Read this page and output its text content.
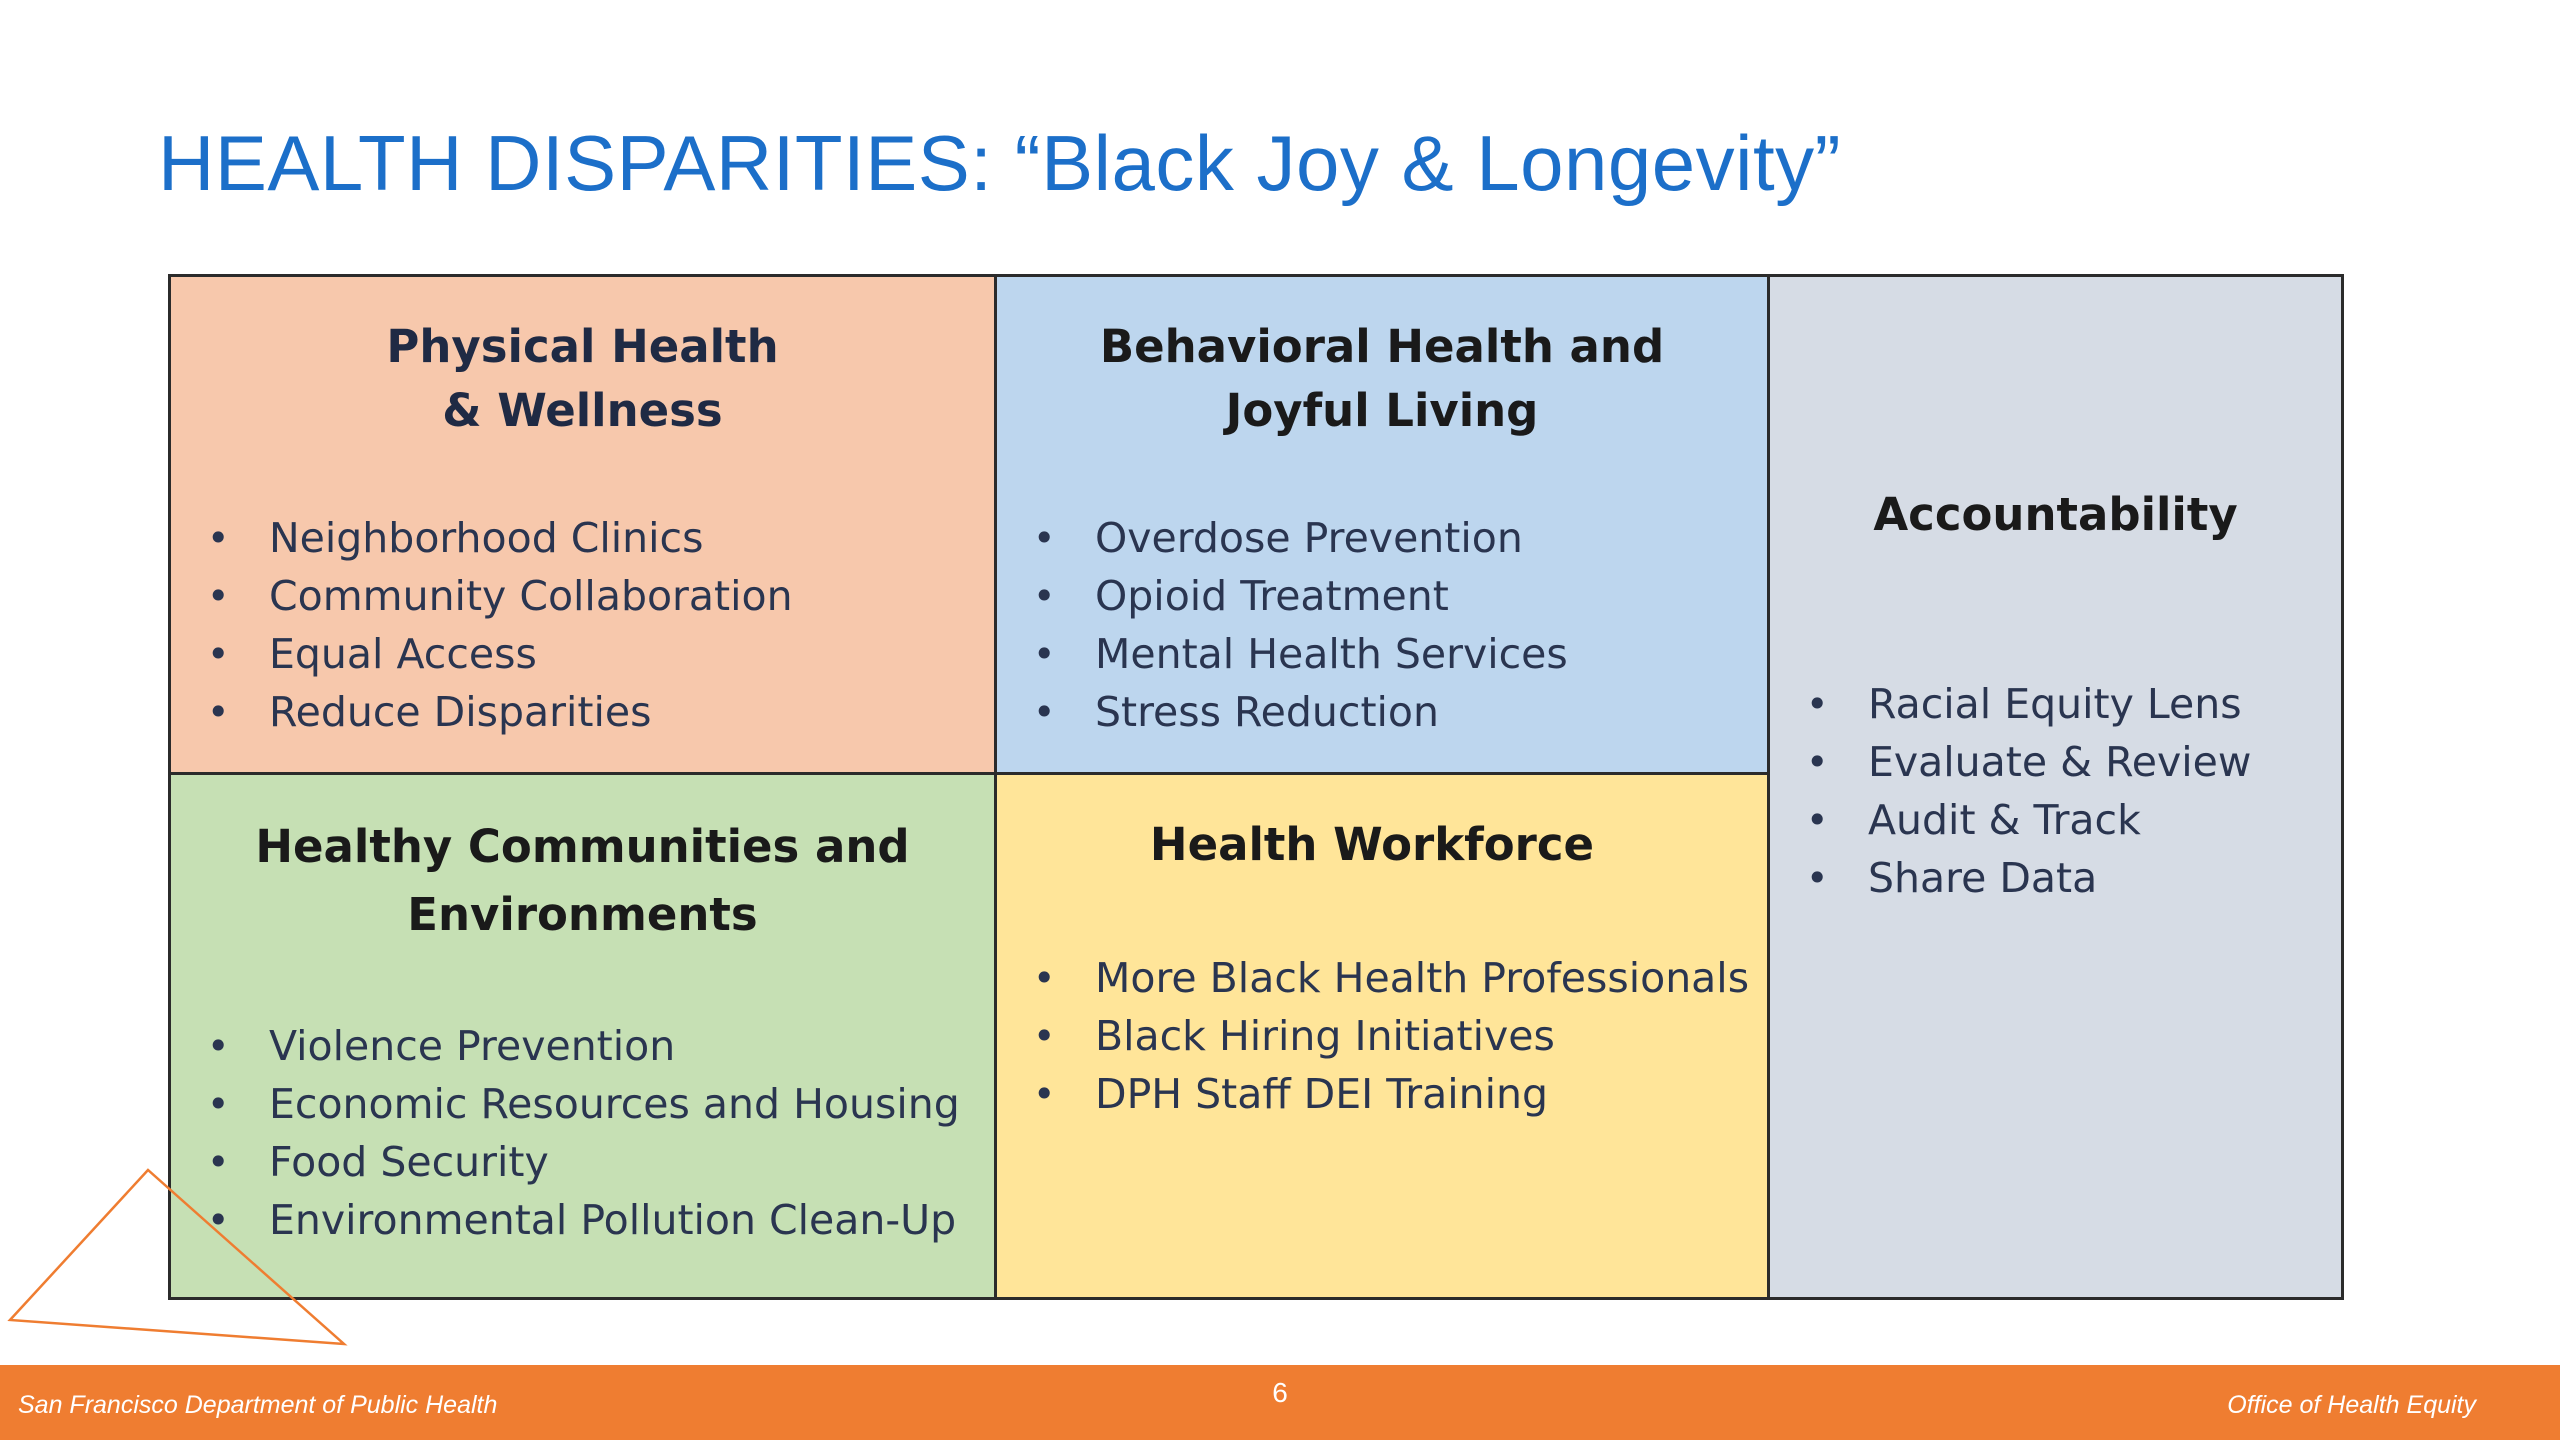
HEALTH DISPARITIES: “Black Joy & Longevity”
Physical Health
& Wellness
• Neighborhood Clinics
• Community Collaboration
• Equal Access
• Reduce Disparities
Behavioral Health and
Joyful Living
• Overdose Prevention
• Opioid Treatment
• Mental Health Services
• Stress Reduction
Accountability
• Racial Equity Lens
• Evaluate & Review
• Audit & Track
• Share Data
Healthy Communities and
Environments
• Violence Prevention
• Economic Resources and Housing
• Food Security
• Environmental Pollution Clean-Up
Health Workforce
• More Black Health Professionals
• Black Hiring Initiatives
• DPH Staff DEI Training
San Francisco Department of Public Health	6	Office of Health Equity
